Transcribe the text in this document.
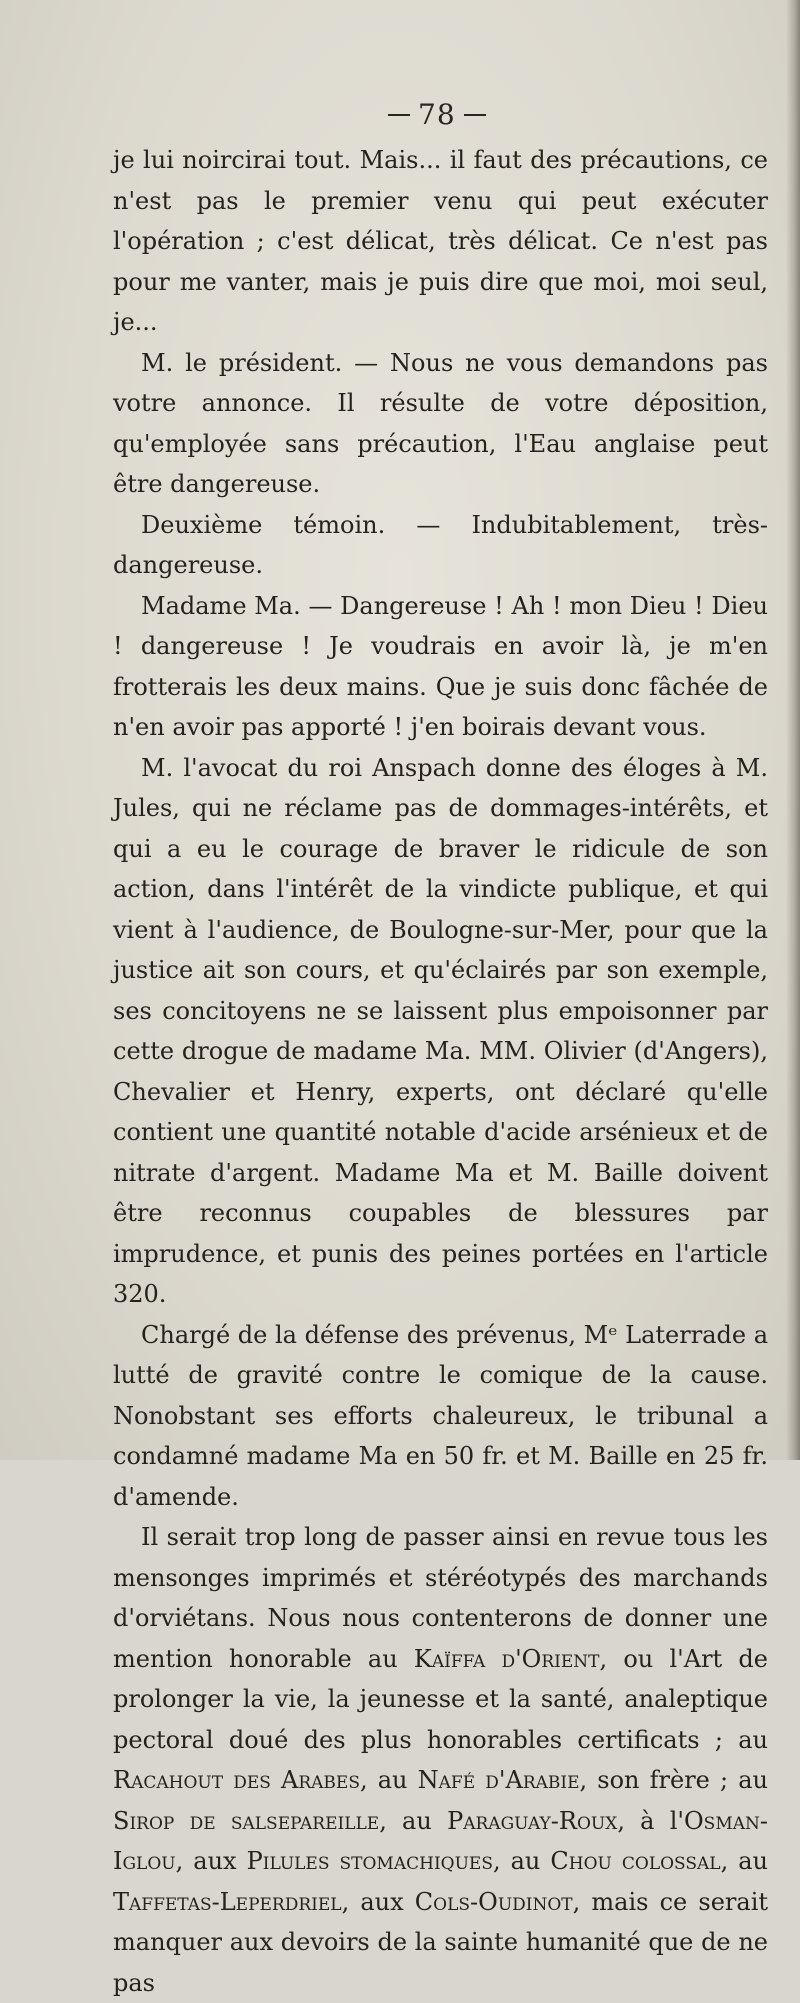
78

je lui noircirai tout. Mais... il faut des précautions, ce n'est pas le premier venu qui peut exécuter l'opération ; c'est délicat, très délicat. Ce n'est pas pour me vanter, mais je puis dire que moi, moi seul, je...

M. le président. — Nous ne vous demandons pas votre annonce. Il résulte de votre déposition, qu'employée sans précaution, l'Eau anglaise peut être dangereuse.

Deuxième témoin. — Indubitablement, très-dangereuse.

Madame Ma. — Dangereuse ! Ah ! mon Dieu ! Dieu ! dangereuse ! Je voudrais en avoir là, je m'en frotterais les deux mains. Que je suis donc fâchée de n'en avoir pas apporté ! j'en boirais devant vous.

M. l'avocat du roi Anspach donne des éloges à M. Jules, qui ne réclame pas de dommages-intérêts, et qui a eu le courage de braver le ridicule de son action, dans l'intérêt de la vindicte publique, et qui vient à l'audience, de Boulogne-sur-Mer, pour que la justice ait son cours, et qu'éclairés par son exemple, ses concitoyens ne se laissent plus empoisonner par cette drogue de madame Ma. MM. Olivier (d'Angers), Chevalier et Henry, experts, ont déclaré qu'elle contient une quantité notable d'acide arsénieux et de nitrate d'argent. Madame Ma et M. Baille doivent être reconnus coupables de blessures par imprudence, et punis des peines portées en l'article 320.

Chargé de la défense des prévenus, Mᵉ Laterrade a lutté de gravité contre le comique de la cause. Nonobstant ses efforts chaleureux, le tribunal a condamné madame Ma en 50 fr. et M. Baille en 25 fr. d'amende.

Il serait trop long de passer ainsi en revue tous les mensonges imprimés et stéréotypés des marchands d'orviétans. Nous nous contenterons de donner une mention honorable au Kaïffa d'Orient, ou l'Art de prolonger la vie, la jeunesse et la santé, analeptique pectoral doué des plus honorables certificats ; au Racahout des Arabes, au Nafé d'Arabie, son frère ; au Sirop de salsepareille, au Paraguay-Roux, à l'Osman-Iglou, aux Pilules stomachiques, au Chou colossal, au Taffetas-Leperdriel, aux Cols-Oudinot, mais ce serait manquer aux devoirs de la sainte humanité que de ne pas
